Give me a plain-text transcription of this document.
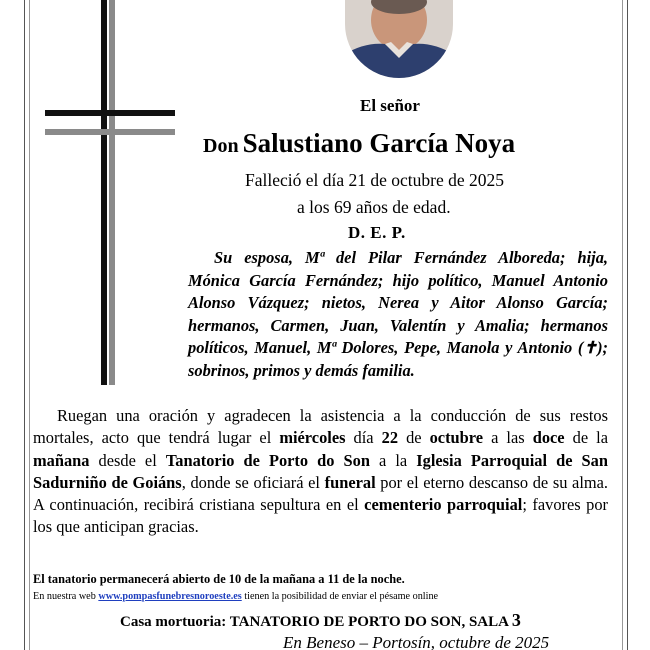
El señor
Don Salustiano García Noya
Falleció el día 21 de octubre de 2025
a los 69 años de edad.
D. E. P.
Su esposa, Mª del Pilar Fernández Alboreda; hija, Mónica García Fernández; hijo político, Manuel Antonio Alonso Vázquez; nietos, Nerea y Aitor Alonso García; hermanos, Carmen, Juan, Valentín y Amalia; hermanos políticos, Manuel, Mª Dolores, Pepe, Manola y Antonio (✝); sobrinos, primos y demás familia.
Ruegan una oración y agradecen la asistencia a la conducción de sus restos mortales, acto que tendrá lugar el miércoles día 22 de octubre a las doce de la mañana desde el Tanatorio de Porto do Son a la Iglesia Parroquial de San Sadurniño de Goiáns, donde se oficiará el funeral por el eterno descanso de su alma. A continuación, recibirá cristiana sepultura en el cementerio parroquial; favores por los que anticipan gracias.
El tanatorio permanecerá abierto de 10 de la mañana a 11 de la noche.
En nuestra web www.pompasfunebresnoroeste.es tienen la posibilidad de enviar el pésame online
Casa mortuoria: TANATORIO DE PORTO DO SON, SALA 3
En Beneso – Portosín, octubre de 2025
